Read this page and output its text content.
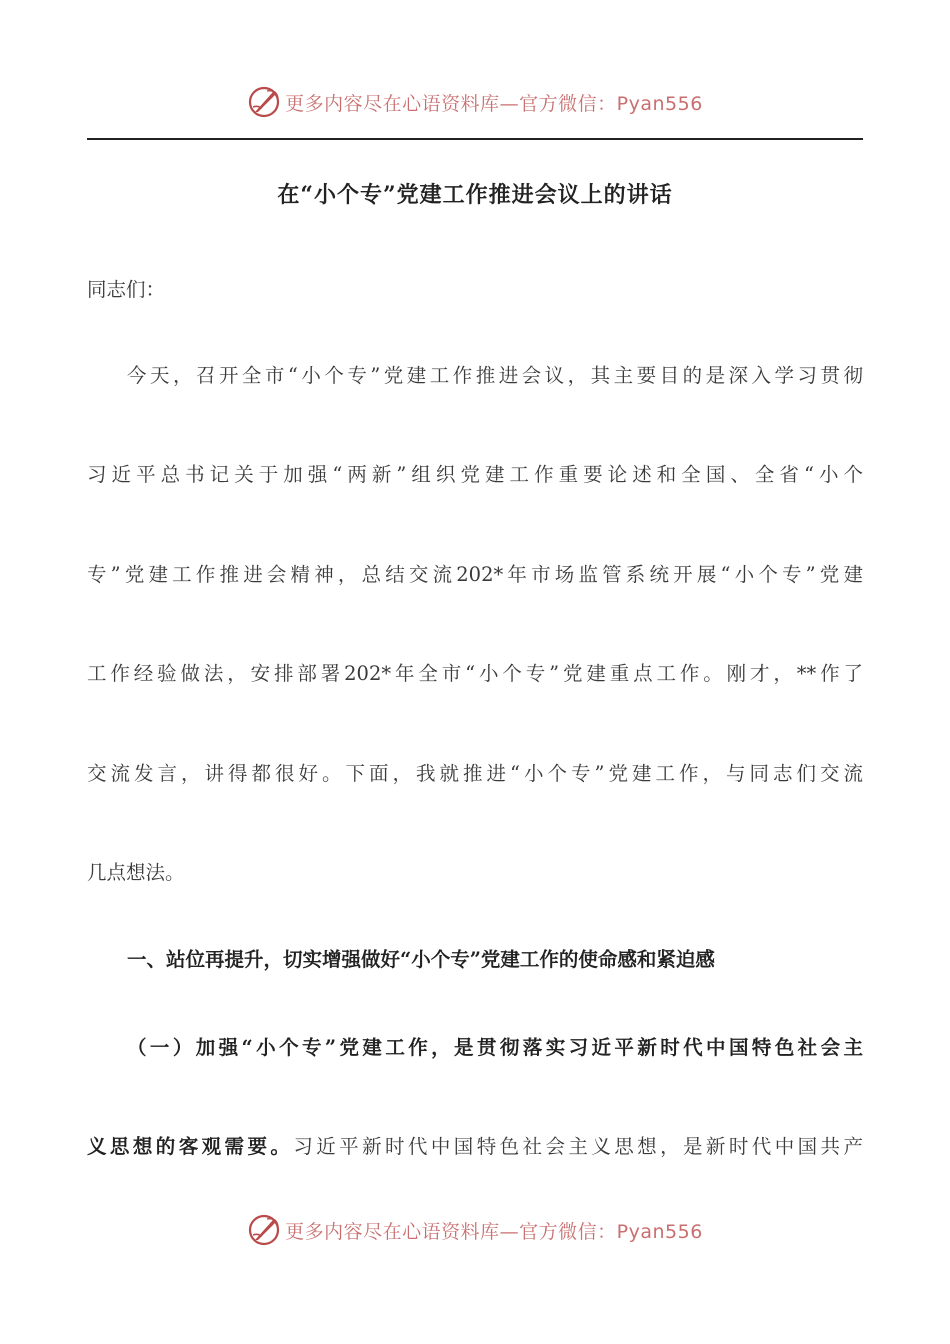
更多内容尽在心语资料库—官方微信：Pyan556
在“小个专”党建工作推进会议上的讲话
同志们：
今天，召开全市“小个专”党建工作推进会议，其主要目的是深入学习贯彻
习近平总书记关于加强“两新”组织党建工作重要论述和全国、全省“小个
专”党建工作推进会精神，总结交流202*年市场监管系统开展“小个专”党建
工作经验做法，安排部署202*年全市“小个专”党建重点工作。刚才，**作了
交流发言，讲得都很好。下面，我就推进“小个专”党建工作，与同志们交流
几点想法。
一、站位再提升，切实增强做好“小个专”党建工作的使命感和紧迫感
（一）加强“小个专”党建工作，是贯彻落实习近平新时代中国特色社会主
义思想的客观需要。习近平新时代中国特色社会主义思想，是新时代中国共产
更多内容尽在心语资料库—官方微信：Pyan556
